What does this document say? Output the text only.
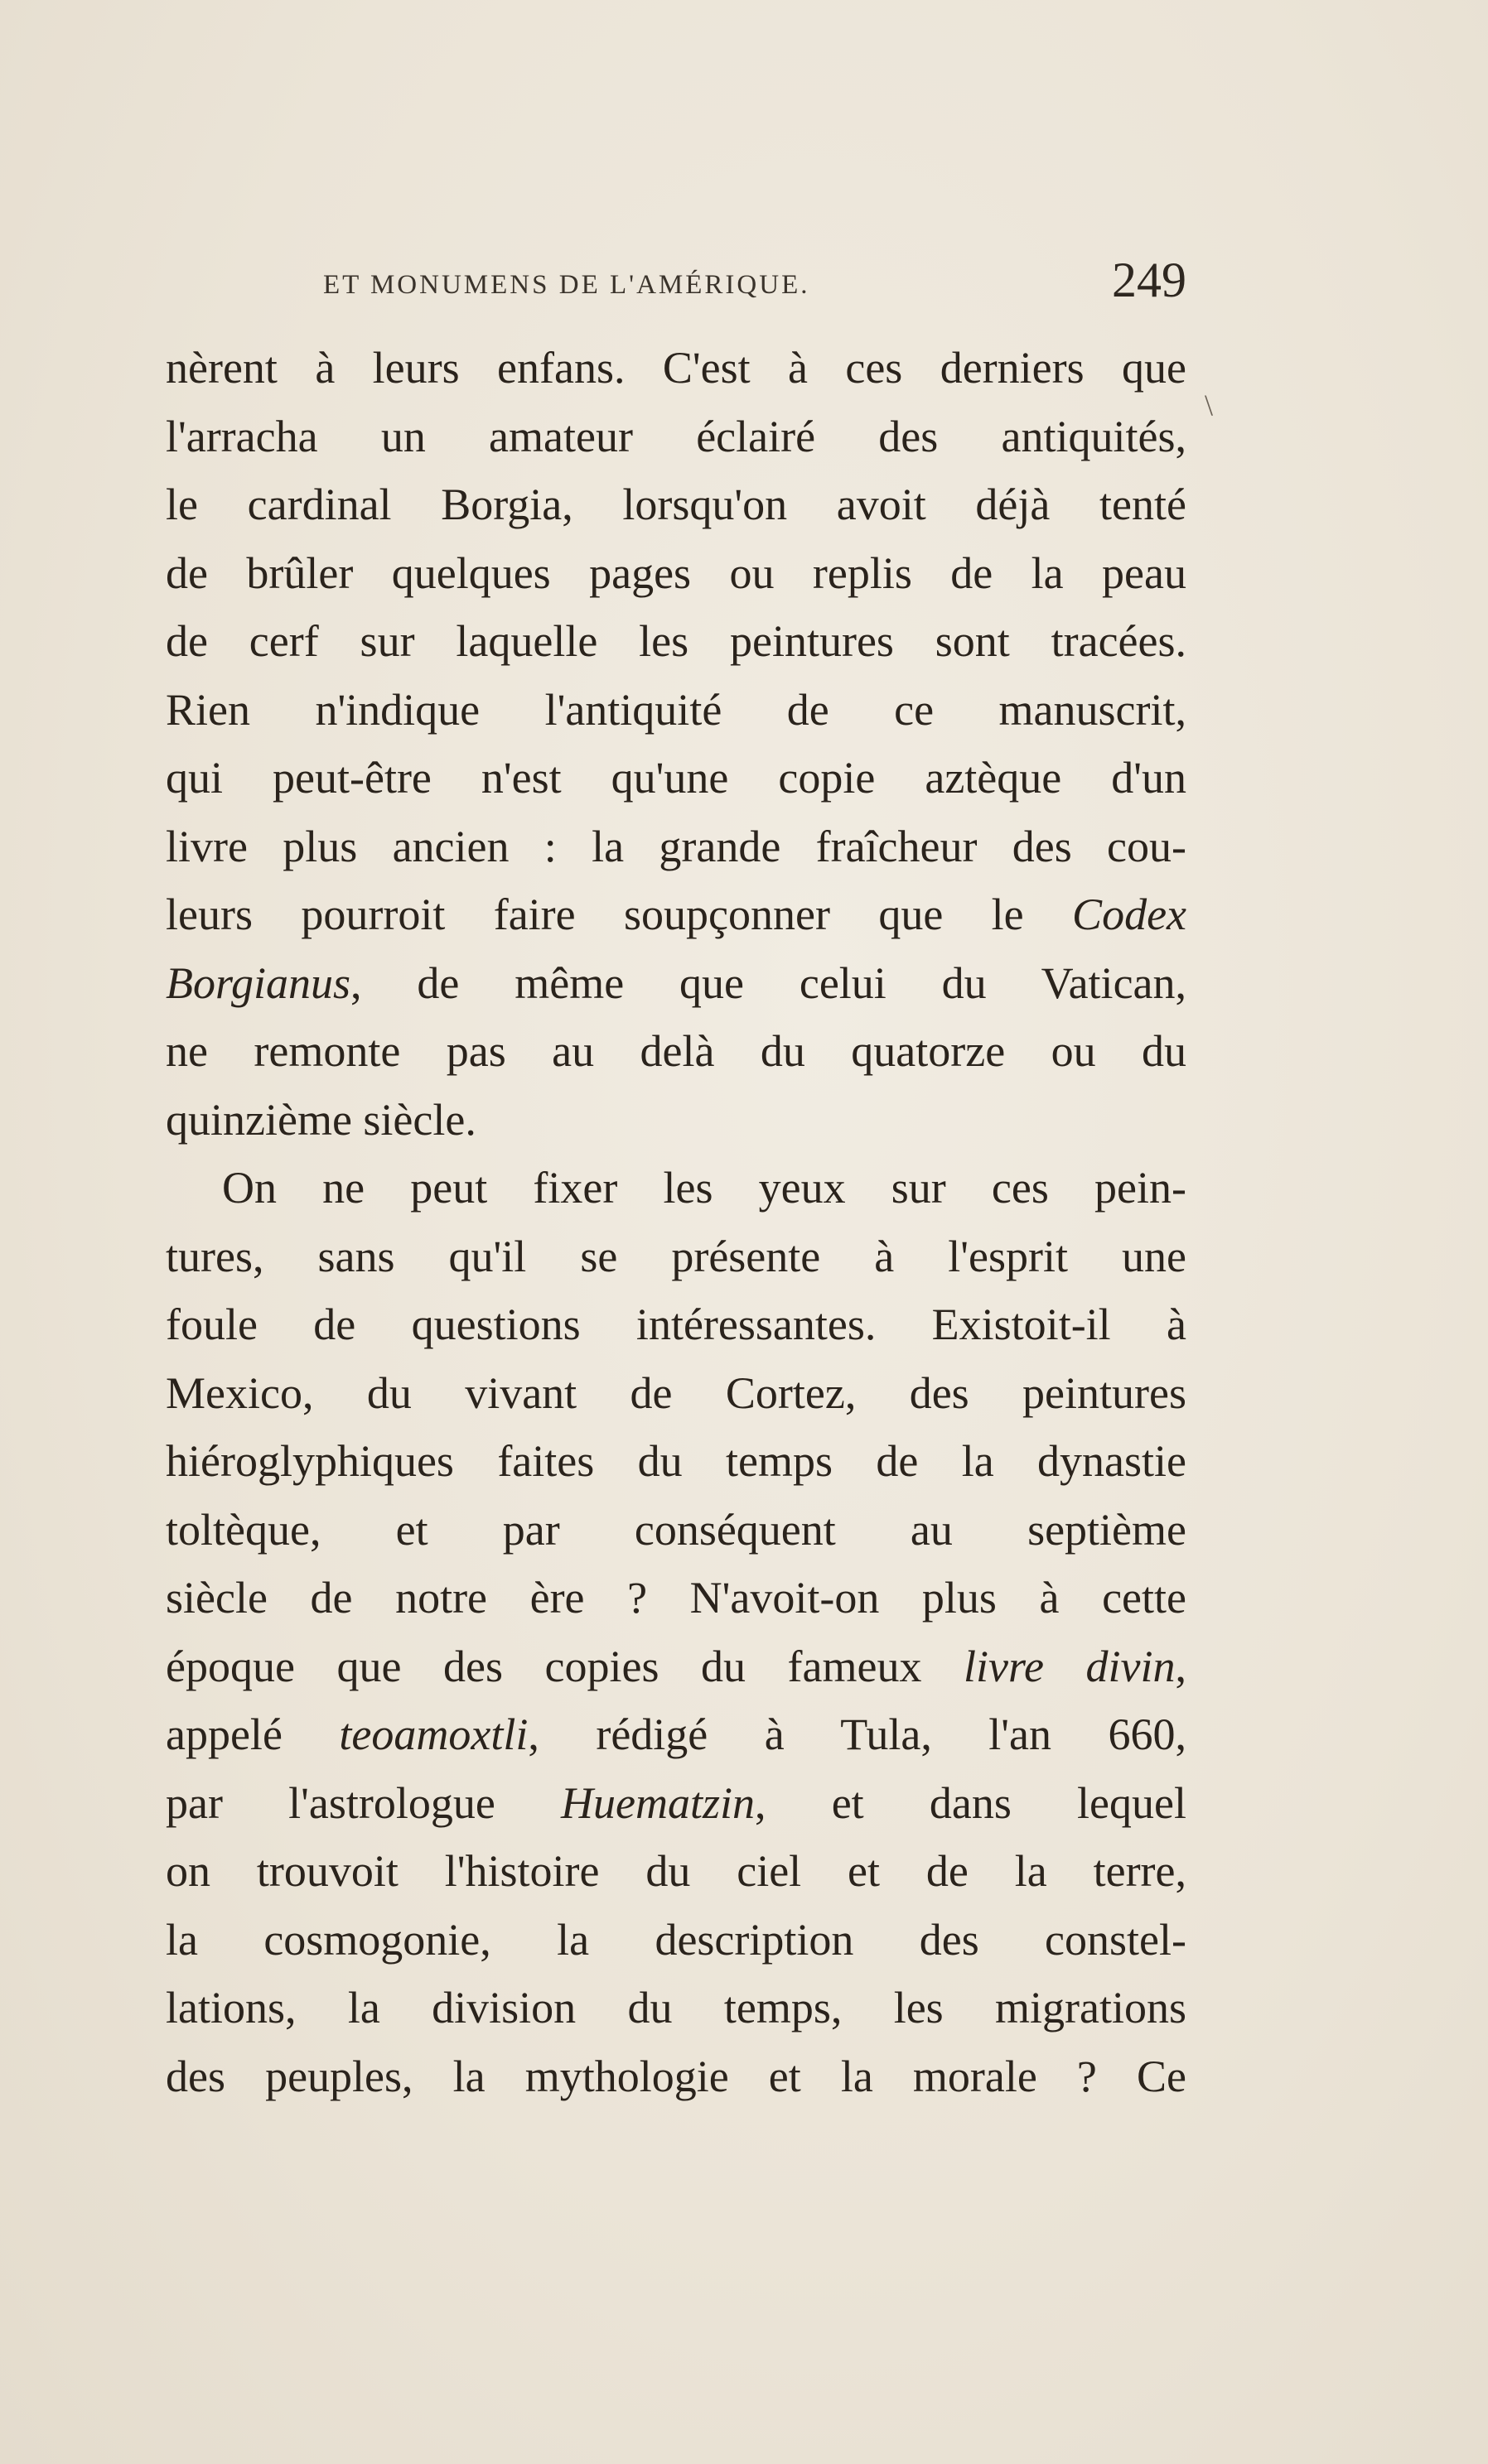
ET MONUMENS DE L'AMÉRIQUE.	249
\
nèrent à leurs enfans. C'est à ces derniers que
l'arracha un amateur éclairé des antiquités,
le cardinal Borgia, lorsqu'on avoit déjà tenté
de brûler quelques pages ou replis de la peau
de cerf sur laquelle les peintures sont tracées.
Rien n'indique l'antiquité de ce manuscrit,
qui peut-être n'est qu'une copie aztèque d'un
livre plus ancien : la grande fraîcheur des cou-
leurs pourroit faire soupçonner que le Codex
Borgianus, de même que celui du Vatican,
ne remonte pas au delà du quatorze ou du
quinzième siècle.
On ne peut fixer les yeux sur ces pein-
tures, sans qu'il se présente à l'esprit une
foule de questions intéressantes. Existoit-il à
Mexico, du vivant de Cortez, des peintures
hiéroglyphiques faites du temps de la dynastie
toltèque, et par conséquent au septième
siècle de notre ère ? N'avoit-on plus à cette
époque que des copies du fameux livre divin,
appelé teoamoxtli, rédigé à Tula, l'an 660,
par l'astrologue Huematzin, et dans lequel
on trouvoit l'histoire du ciel et de la terre,
la cosmogonie, la description des constel-
lations, la division du temps, les migrations
des peuples, la mythologie et la morale ? Ce
